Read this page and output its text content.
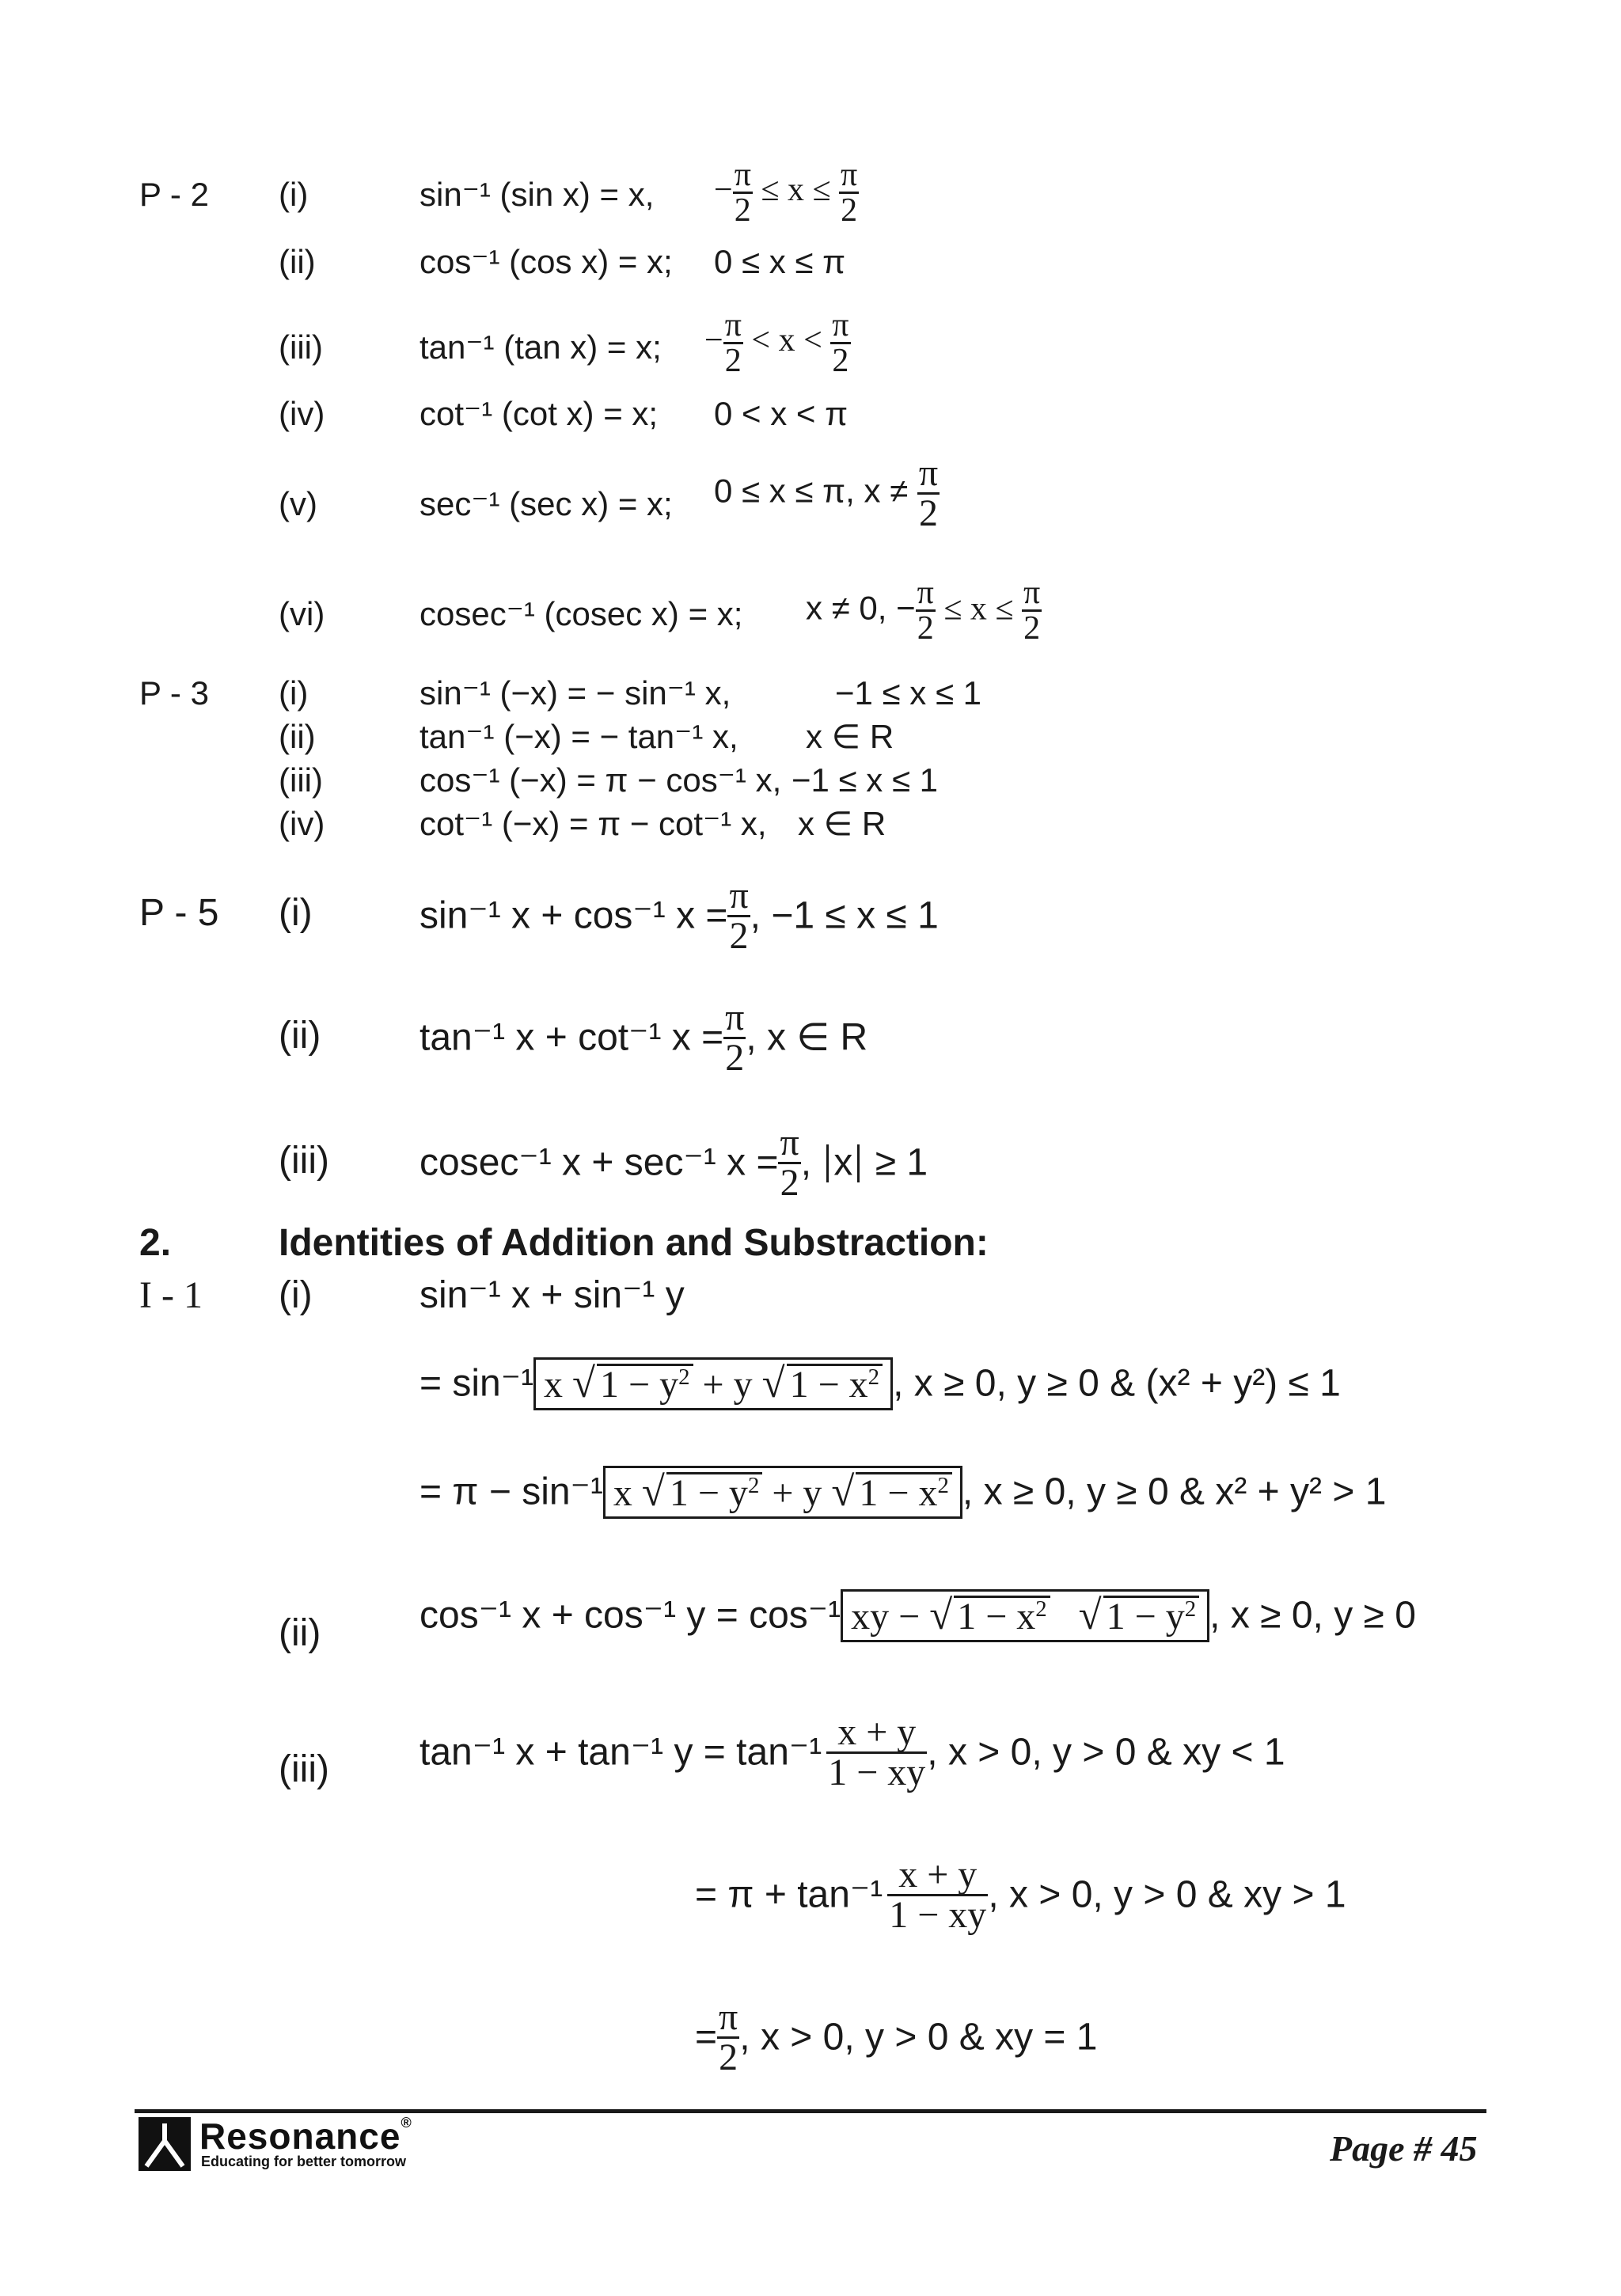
P - 2 (i)	sin⁻¹ (sin x) = x, − $\frac{\pi}{2} \le x \le \frac{\pi}{2}$
(ii)	cos⁻¹ (cos x) = x; 0 ≤ x ≤ π
(iii)	tan⁻¹ (tan x) = x; − $\frac{\pi}{2} < x < \frac{\pi}{2}$
(iv)	cot⁻¹ (cot x) = x; 0 < x < π
(v)	sec⁻¹ (sec x) = x; 0 ≤ x ≤ π, $x \ne \frac{\pi}{2}$
(vi)	cosec⁻¹ (cosec x) = x; x ≠ 0, − $\frac{\pi}{2} \le x \le \frac{\pi}{2}$
P - 3 (i)	sin⁻¹ (−x) = − sin⁻¹ x,	−1 ≤ x ≤ 1
(ii)	tan⁻¹ (−x) = − tan⁻¹ x, x ∈ R
(iii)	cos⁻¹ (−x) = π − cos⁻¹ x, −1 ≤ x ≤ 1
(iv)	cot⁻¹ (−x) = π − cot⁻¹ x, x ∈ R
P - 5 (i)	sin⁻¹ x + cos⁻¹ $x = \frac{\pi}{2}$ , −1 ≤ x ≤ 1
(ii)	tan⁻¹ x + cot⁻¹ $x = \frac{\pi}{2}$ , x ∈ R
(iii) cosec⁻¹ x + sec⁻¹ $x = \frac{\pi}{2}$ , x ≥ 1
2.	Identities of Addition and Substraction:
I - 1 (i)	sin⁻¹ x + sin⁻¹ y
= sin⁻¹ x √ $1 - y^2 + y$ √ $1 - x^2$ , x ≥ 0, y ≥ 0 & (x² + y²) ≤ 1
= π − sin⁻¹ x √ $1 - y^2 + y$ √ $1 - x^2$ , x ≥ 0, y ≥ 0 & x² + y² > 1
(ii)	cos⁻¹ x + cos⁻¹ y = cos⁻¹ xy − √ $1 - x^2$ √ $1 - y^2$ , x ≥ 0, y ≥ 0
(iii) tan⁻¹ x + tan⁻¹ $y = \tan^{-1} \frac{x + y}{1 - xy}$ , x > 0, y > 0 & xy < 1
= $\pi + \tan^{-1} \frac{x + y}{1 - xy}$ , x > 0, y > 0 & xy > 1
= $\frac{\pi}{2}$ , x > 0, y > 0 & xy = 1
Resonance®
Educating for better tomorrow	Page # 45
